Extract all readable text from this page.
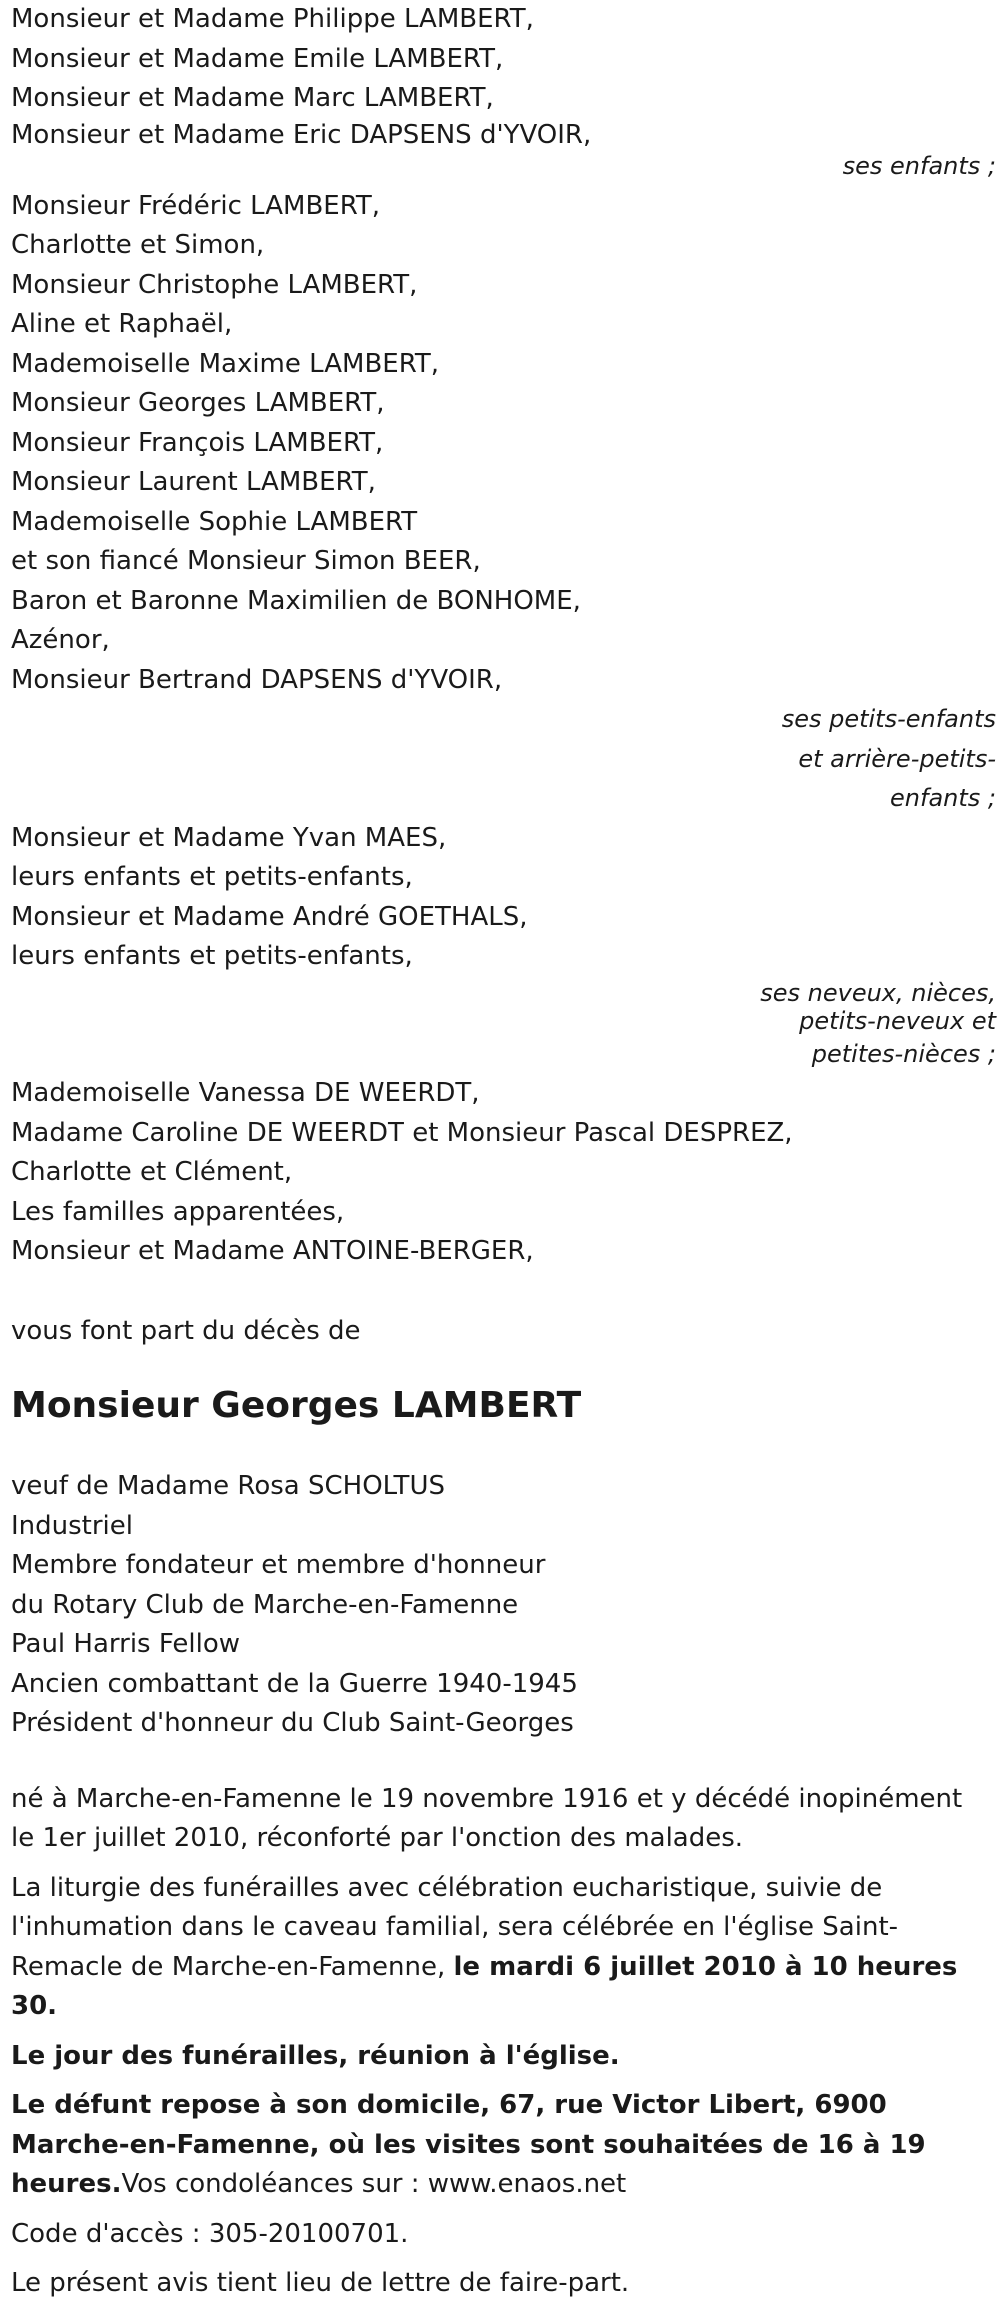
Monsieur et Madame Philippe LAMBERT,
Monsieur et Madame Emile LAMBERT,
Monsieur et Madame Marc LAMBERT,
Monsieur et Madame Eric DAPSENS d'YVOIR,
ses enfants ;
Monsieur Frédéric LAMBERT,
Charlotte et Simon,
Monsieur Christophe LAMBERT,
Aline et Raphaël,
Mademoiselle Maxime LAMBERT,
Monsieur Georges LAMBERT,
Monsieur François LAMBERT,
Monsieur Laurent LAMBERT,
Mademoiselle Sophie LAMBERT
et son fiancé Monsieur Simon BEER,
Baron et Baronne Maximilien de BONHOME,
Azénor,
Monsieur Bertrand DAPSENS d'YVOIR,
ses petits-enfants
et arrière-petits-
enfants ;
Monsieur et Madame Yvan MAES,
leurs enfants et petits-enfants,
Monsieur et Madame André GOETHALS,
leurs enfants et petits-enfants,
ses neveux, nièces,
petits-neveux et
petites-nièces ;
Mademoiselle Vanessa DE WEERDT,
Madame Caroline DE WEERDT et Monsieur Pascal DESPREZ,
Charlotte et Clément,
Les familles apparentées,
Monsieur et Madame ANTOINE-BERGER,
vous font part du décès de
Monsieur Georges LAMBERT
veuf de Madame Rosa SCHOLTUS
Industriel
Membre fondateur et membre d'honneur
du Rotary Club de Marche-en-Famenne
Paul Harris Fellow
Ancien combattant de la Guerre 1940-1945
Président d'honneur du Club Saint-Georges
né à Marche-en-Famenne le 19 novembre 1916 et y décédé inopinément le 1er juillet 2010, réconforté par l'onction des malades.
La liturgie des funérailles avec célébration eucharistique, suivie de l'inhumation dans le caveau familial, sera célébrée en l'église Saint-Remacle de Marche-en-Famenne, le mardi 6 juillet 2010 à 10 heures 30.
Le jour des funérailles, réunion à l'église.
Le défunt repose à son domicile, 67, rue Victor Libert, 6900 Marche-en-Famenne, où les visites sont souhaitées de 16 à 19 heures.Vos condoléances sur : www.enaos.net
Code d'accès : 305-20100701.
Le présent avis tient lieu de lettre de faire-part.
